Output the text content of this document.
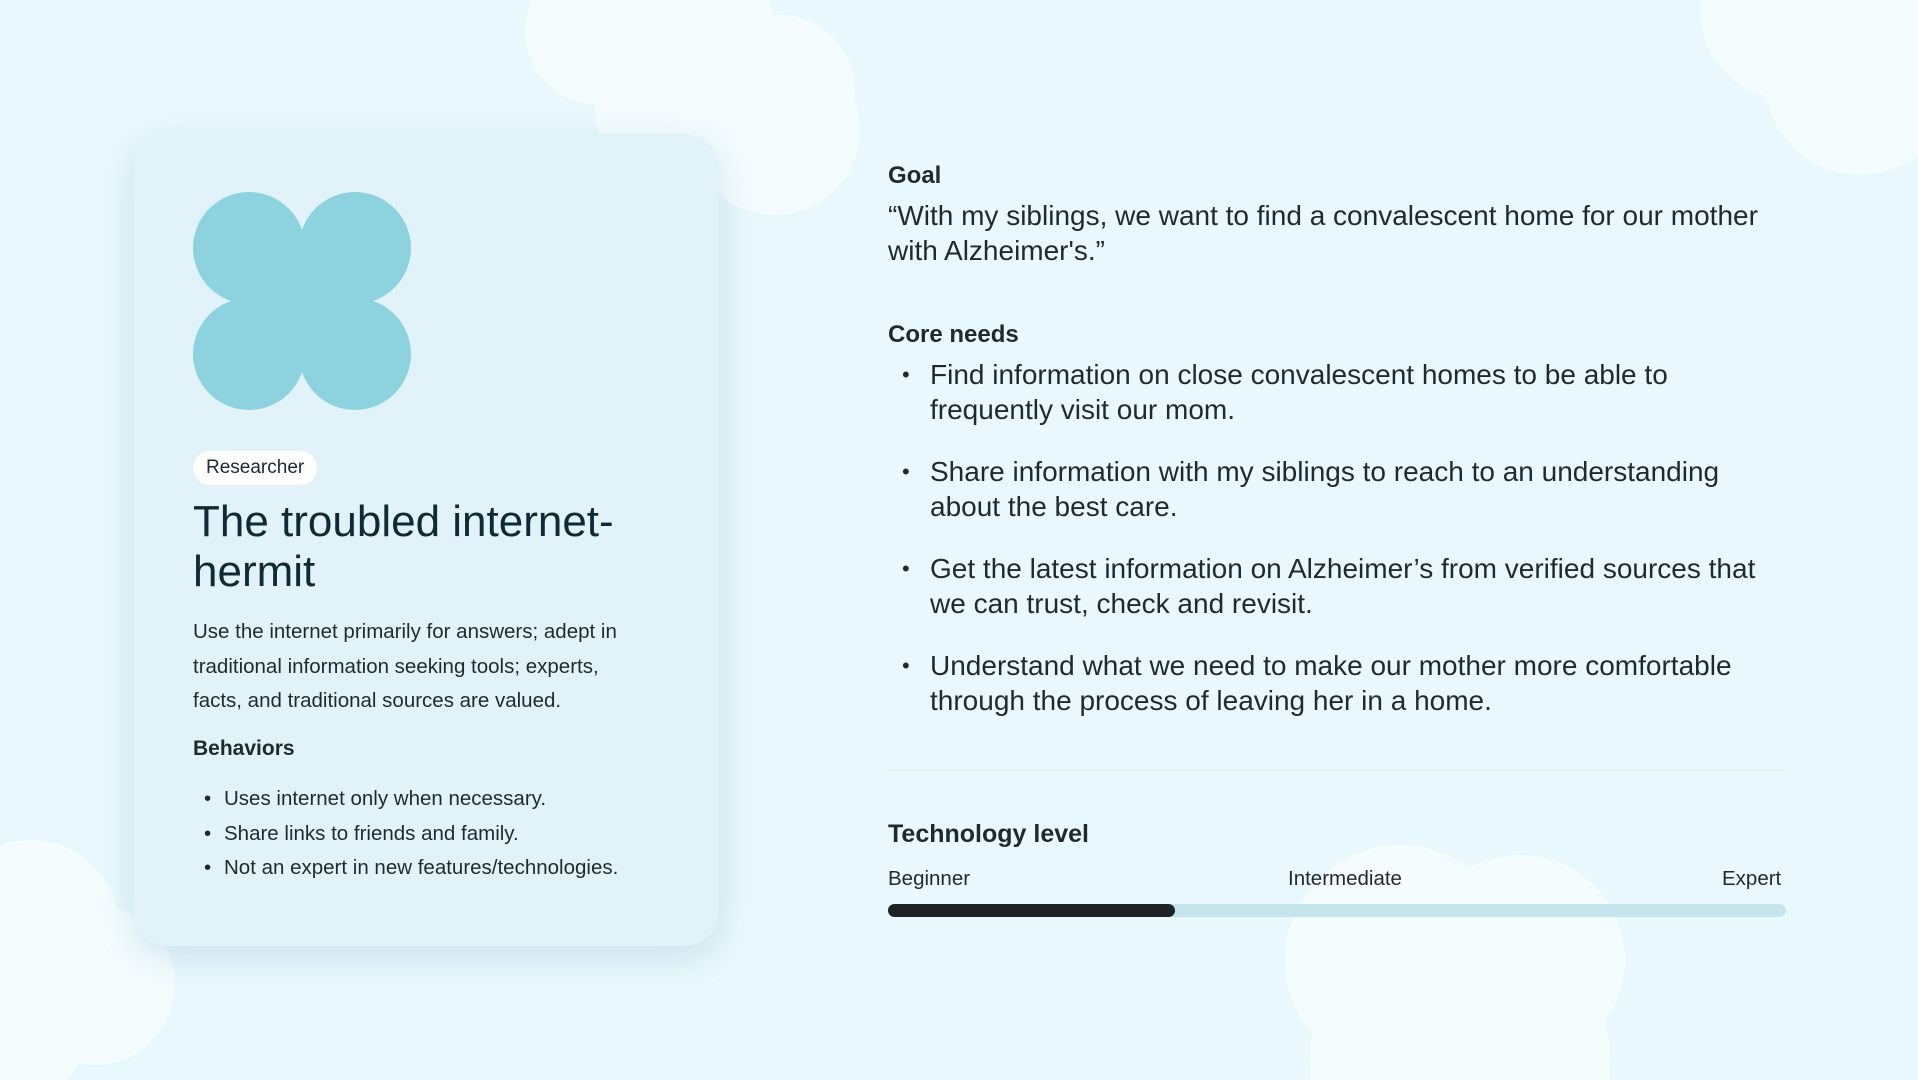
Researcher
The troubled internet-hermit

Use the internet primarily for answers; adept in traditional information seeking tools; experts, facts, and traditional sources are valued.

Behaviors
• Uses internet only when necessary.
• Share links to friends and family.
• Not an expert in new features/technologies.
Goal

“With my siblings, we want to find a convalescent home for our mother with Alzheimer's.”

Core needs
• Find information on close convalescent homes to be able to frequently visit our mom.
• Share information with my siblings to reach to an understanding about the best care.
• Get the latest information on Alzheimer’s from verified sources that we can trust, check and revisit.
• Understand what we need to make our mother more comfortable through the process of leaving her in a home.
Technology level
Beginner	Intermediate	Expert
